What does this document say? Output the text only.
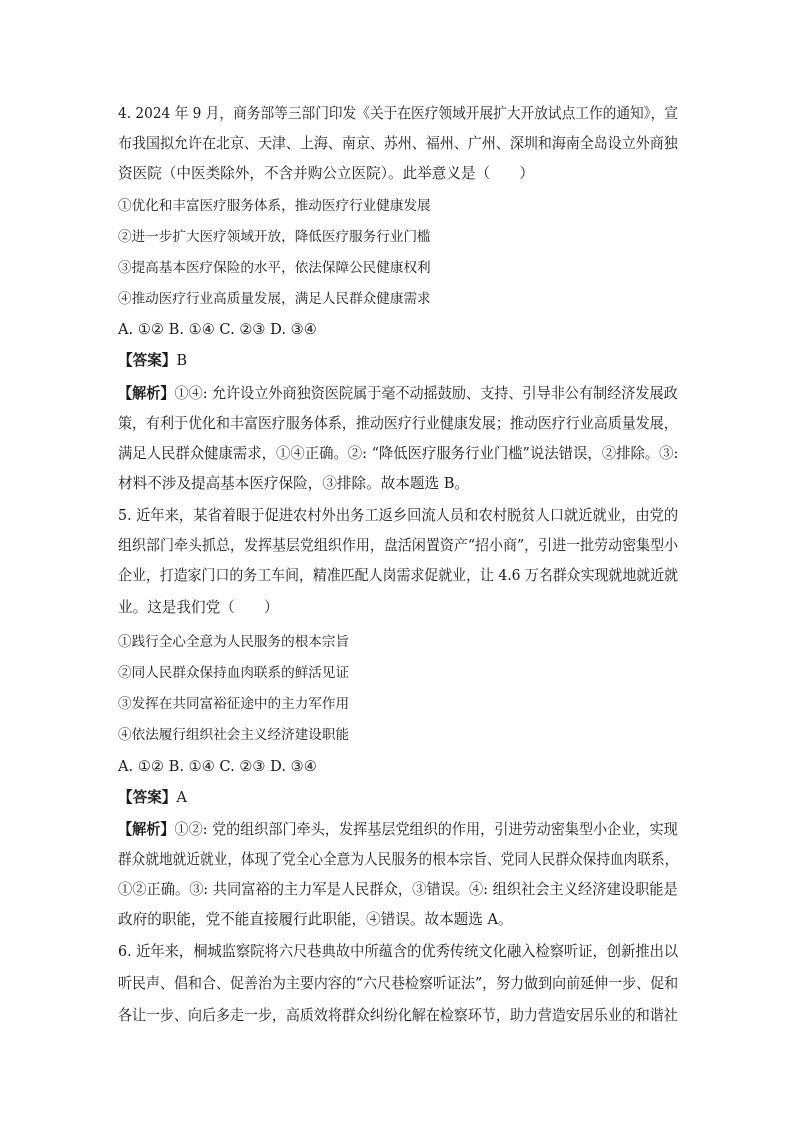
4. 2024 年 9 月，商务部等三部门印发《关于在医疗领域开展扩大开放试点工作的通知》，宣
布我国拟允许在北京、天津、上海、南京、苏州、福州、广州、深圳和海南全岛设立外商独
资医院（中医类除外，不含并购公立医院）。此举意义是（　　）
①优化和丰富医疗服务体系，推动医疗行业健康发展
②进一步扩大医疗领域开放，降低医疗服务行业门槛
③提高基本医疗保险的水平，依法保障公民健康权利
④推动医疗行业高质量发展，满足人民群众健康需求
A. ①② B. ①④ C. ②③ D. ③④
【答案】B
【解析】①④: 允许设立外商独资医院属于毫不动摇鼓励、支持、引导非公有制经济发展政
策，有利于优化和丰富医疗服务体系，推动医疗行业健康发展；推动医疗行业高质量发展，
满足人民群众健康需求，①④正确。②: “降低医疗服务行业门槛”说法错误，②排除。③:
材料不涉及提高基本医疗保险，③排除。故本题选 B。
5. 近年来，某省着眼于促进农村外出务工返乡回流人员和农村脱贫人口就近就业，由党的
组织部门牵头抓总，发挥基层党组织作用，盘活闲置资产“招小商”，引进一批劳动密集型小
企业，打造家门口的务工车间，精准匹配人岗需求促就业，让 4.6 万名群众实现就地就近就
业。这是我们党（　　）
①践行全心全意为人民服务的根本宗旨
②同人民群众保持血肉联系的鲜活见证
③发挥在共同富裕征途中的主力军作用
④依法履行组织社会主义经济建设职能
A. ①② B. ①④ C. ②③ D. ③④
【答案】A
【解析】①②: 党的组织部门牵头，发挥基层党组织的作用，引进劳动密集型小企业，实现
群众就地就近就业，体现了党全心全意为人民服务的根本宗旨、党同人民群众保持血肉联系，
①②正确。③: 共同富裕的主力军是人民群众，③错误。④: 组织社会主义经济建设职能是
政府的职能，党不能直接履行此职能，④错误。故本题选 A。
6. 近年来，桐城监察院将六尺巷典故中所蕴含的优秀传统文化融入检察听证，创新推出以
听民声、倡和合、促善治为主要内容的“六尺巷检察听证法”，努力做到向前延伸一步、促和
各让一步、向后多走一步，高质效将群众纠纷化解在检察环节，助力营造安居乐业的和谐社
